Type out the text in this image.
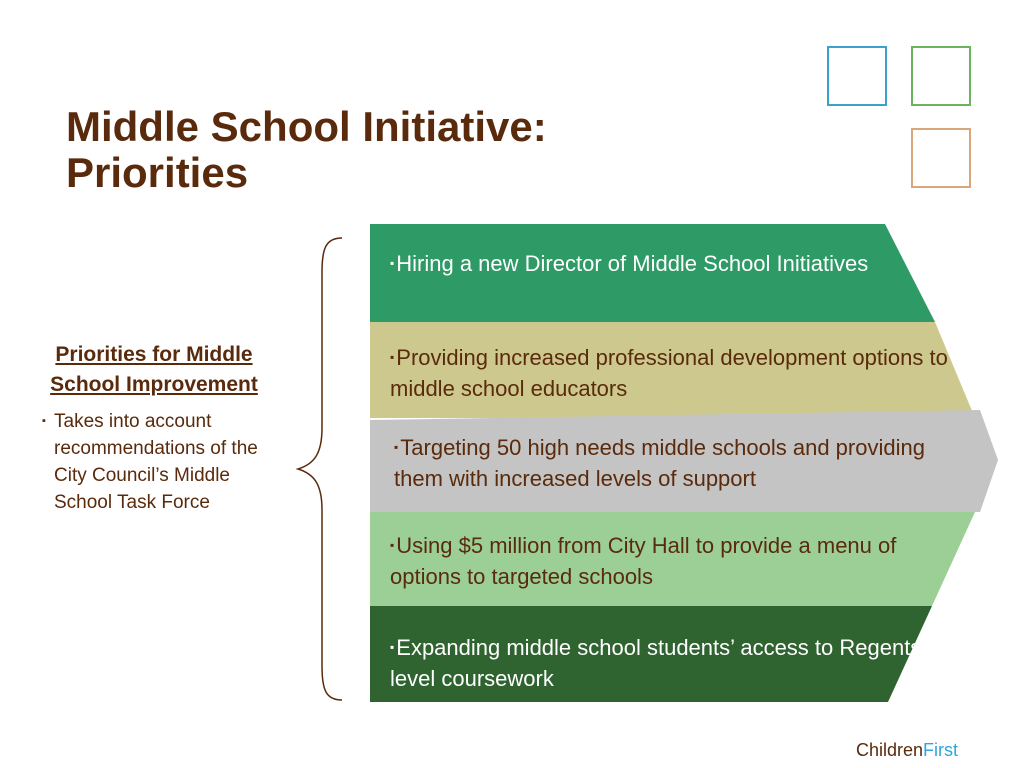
Middle School Initiative:
Priorities
Priorities for Middle School Improvement
▪ Takes into account recommendations of the City Council’s Middle School Task Force
▪Hiring a new Director of Middle School Initiatives
▪Providing increased professional development options to middle school educators
▪Targeting 50 high needs middle schools and providing them with increased levels of support
▪Using $5 million from City Hall to provide a menu of options to targeted schools
▪Expanding middle school students’ access to Regents-level coursework
ChildrenFirst
